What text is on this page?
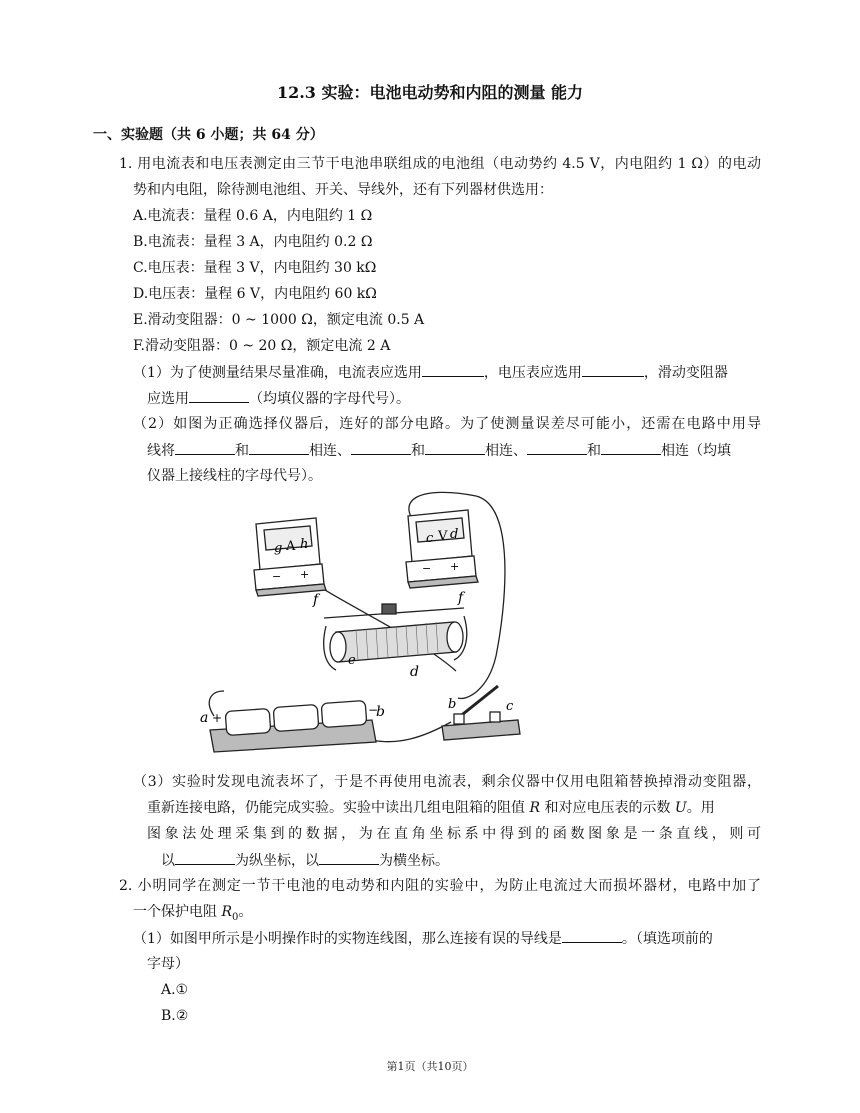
12.3 实验：电池电动势和内阻的测量 能力
一、实验题（共 6 小题；共 64 分）
1. 用电流表和电压表测定由三节干电池串联组成的电池组（电动势约 4.5 V，内电阻约 1 Ω）的电动
势和内电阻，除待测电池组、开关、导线外，还有下列器材供选用：
A.电流表：量程 0.6 A，内电阻约 1 Ω
B.电流表：量程 3 A，内电阻约 0.2 Ω
C.电压表：量程 3 V，内电阻约 30 kΩ
D.电压表：量程 6 V，内电阻约 60 kΩ
E.滑动变阻器：0 ~ 1000 Ω，额定电流 0.5 A
F.滑动变阻器：0 ~ 20 Ω，额定电流 2 A
（1）为了使测量结果尽量准确，电流表应选用	，电压表应选用	，滑动变阻器
应选用	（均填仪器的字母代号）。
（2）如图为正确选择仪器后，连好的部分电路。为了使测量误差尽可能小，还需在电路中用导
线将	和	相连、	和	相连、	和	相连（均填
仪器上接线柱的字母代号）。
g A h
− +
c V d
− +
f	f
e
d
a +
−
b	b	c
（3）实验时发现电流表坏了，于是不再使用电流表，剩余仪器中仅用电阻箱替换掉滑动变阻器，
重新连接电路，仍能完成实验。实验中读出几组电阻箱的阻值 R 和对应电压表的示数 U。用
图象法处理采集到的数据，为在直角坐标系中得到的函数图象是一条直线，则可
以	为纵坐标，以	为横坐标。
2. 小明同学在测定一节干电池的电动势和内阻的实验中，为防止电流过大而损坏器材，电路中加了
一个保护电阻 $R_0$。
（1）如图甲所示是小明操作时的实物连线图，那么连接有误的导线是	。（填选项前的
字母）
A.①
B.②
第1页（共10页）
